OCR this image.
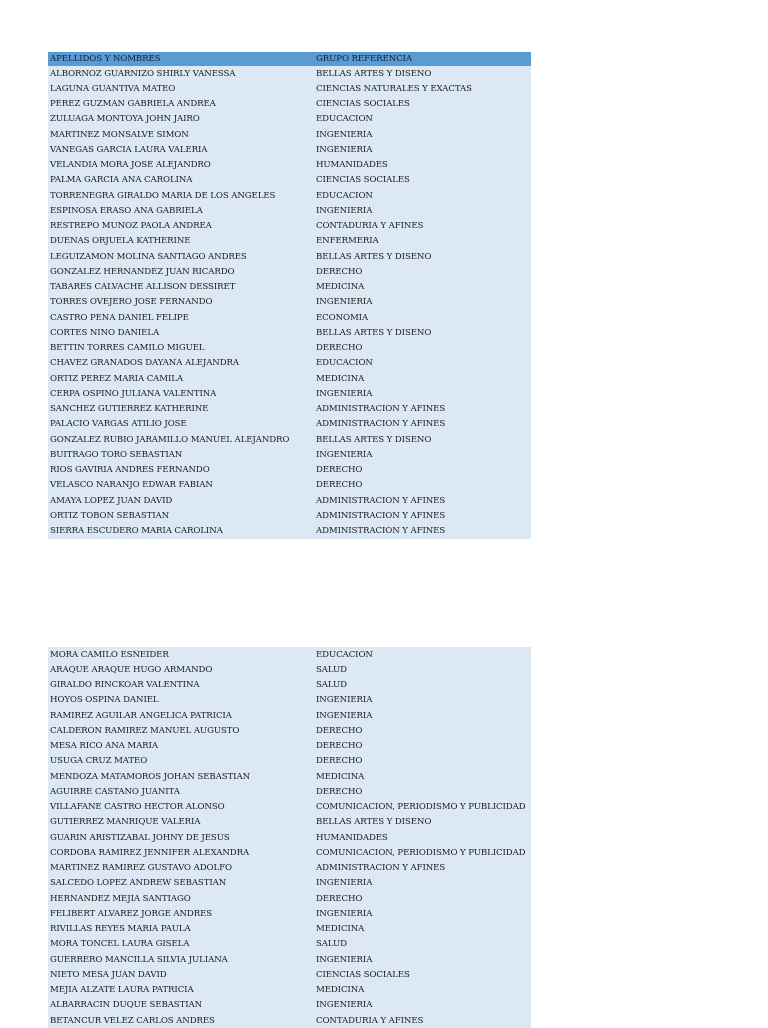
APELLIDOS Y NOMBRES	GRUPO REFERENCIA
ALBORNOZ GUARNIZO SHIRLY VANESSA	BELLAS ARTES Y DISEÑO
LAGUNA GUANTIVA MATEO	CIENCIAS NATURALES Y EXACTAS
PÉREZ GUZMÁN GABRIELA ANDREA	CIENCIAS SOCIALES
ZULUAGA MONTOYA JOHN JAIRO	EDUCACIÓN
MARTINEZ MONSALVE SIMON	INGENIERÍA
VANEGAS GARCIA LAURA VALERIA	INGENIERÍA
VELANDIA MORA JOSÉ ALEJANDRO	HUMANIDADES
PALMA GARCIA ANA CAROLINA	CIENCIAS SOCIALES
TORRENEGRA GIRALDO MARIA DE LOS ANGELES	EDUCACIÓN
ESPINOSA ERASO ANA GABRIELA	INGENIERÍA
RESTREPO MUÑOZ PAOLA ANDREA	CONTADURÍA Y AFINES
DUEÑAS ORJUELA KATHERINE	ENFERMERÍA
LEGUIZAMON MOLINA SANTIAGO ANDRES	BELLAS ARTES Y DISEÑO
GONZALEZ HERNANDEZ JUAN RICARDO	DERECHO
TABARES CALVACHE ALLISON DESSIRET	MEDICINA
TORRES OVEJERO JOSE FERNANDO	INGENIERÍA
CASTRO PEÑA DANIEL FELIPE	ECONOMÍA
CORTES NIÑO DANIELA	BELLAS ARTES Y DISEÑO
BETTIN TORRES CAMILO MIGUEL	DERECHO
CHAVEZ GRANADOS DAYANA ALEJANDRA	EDUCACIÓN
ORTIZ PEREZ MARIA CAMILA	MEDICINA
CERPA OSPINO JULIANA VALENTINA	INGENIERÍA
SANCHEZ GUTIERREZ KATHERINE	ADMINISTRACIÓN Y AFINES
PALACIO VARGAS ATILIO JOSE	ADMINISTRACIÓN Y AFINES
GONZALEZ RUBIO JARAMILLO MANUEL ALEJANDRO	BELLAS ARTES Y DISEÑO
BUITRAGO TORO SEBASTIÁN	INGENIERÍA
RIOS GAVIRIA ANDRÉS FERNANDO	DERECHO
VELASCO NARANJO EDWAR FABIAN	DERECHO
AMAYA LOPEZ JUAN DAVID	ADMINISTRACIÓN Y AFINES
ORTIZ TOBON SEBASTIAN	ADMINISTRACIÓN Y AFINES
SIERRA ESCUDERO MARÍA CAROLINA	ADMINISTRACIÓN Y AFINES
MORA CAMILO ESNEIDER	EDUCACIÓN
ARAQUE ARAQUE HUGO ARMANDO	SALUD
GIRALDO RINCKOAR VALENTINA	SALUD
HOYOS OSPINA DANIEL	INGENIERÍA
RAMIREZ AGUILAR ANGELICA PATRICIA	INGENIERÍA
CALDERON RAMIREZ MANUEL AUGUSTO	DERECHO
MESA RICO ANA MARIA	DERECHO
ÚSUGA CRUZ MATEO	DERECHO
MENDOZA MATAMOROS JOHAN SEBASTIAN	MEDICINA
AGUIRRE CASTAÑO JUANITA	DERECHO
VILLAFAÑE CASTRO HECTOR ALONSO	COMUNICACIÓN, PERIODISMO Y PUBLICIDAD
GUTIÉRREZ MANRIQUE VALERIA	BELLAS ARTES Y DISEÑO
GUARIN ARISTIZABAL JOHNY DE JESÚS	HUMANIDADES
CORDOBA RAMIREZ JENNIFER ALEXANDRA	COMUNICACIÓN, PERIODISMO Y PUBLICIDAD
MARTINEZ RAMIREZ GUSTAVO ADOLFO	ADMINISTRACIÓN Y AFINES
SALCEDO LOPEZ ANDREW SEBASTIAN	INGENIERÍA
HERNÁNDEZ MEJÍA SANTIAGO	DERECHO
FELIBERT ALVAREZ JORGE ANDRES	INGENIERÍA
RIVILLAS REYES MARIA PAULA	MEDICINA
MORA TONCEL LAURA GISELA	SALUD
GUERRERO MANCILLA SILVIA JULIANA	INGENIERÍA
NIETO MESA JUAN DAVID	CIENCIAS SOCIALES
MEJÍA ALZATE LAURA PATRICIA	MEDICINA
ALBARRACIN DUQUE SEBASTIAN	INGENIERÍA
BETANCUR VÉLEZ CARLOS ANDRES	CONTADURÍA Y AFINES
